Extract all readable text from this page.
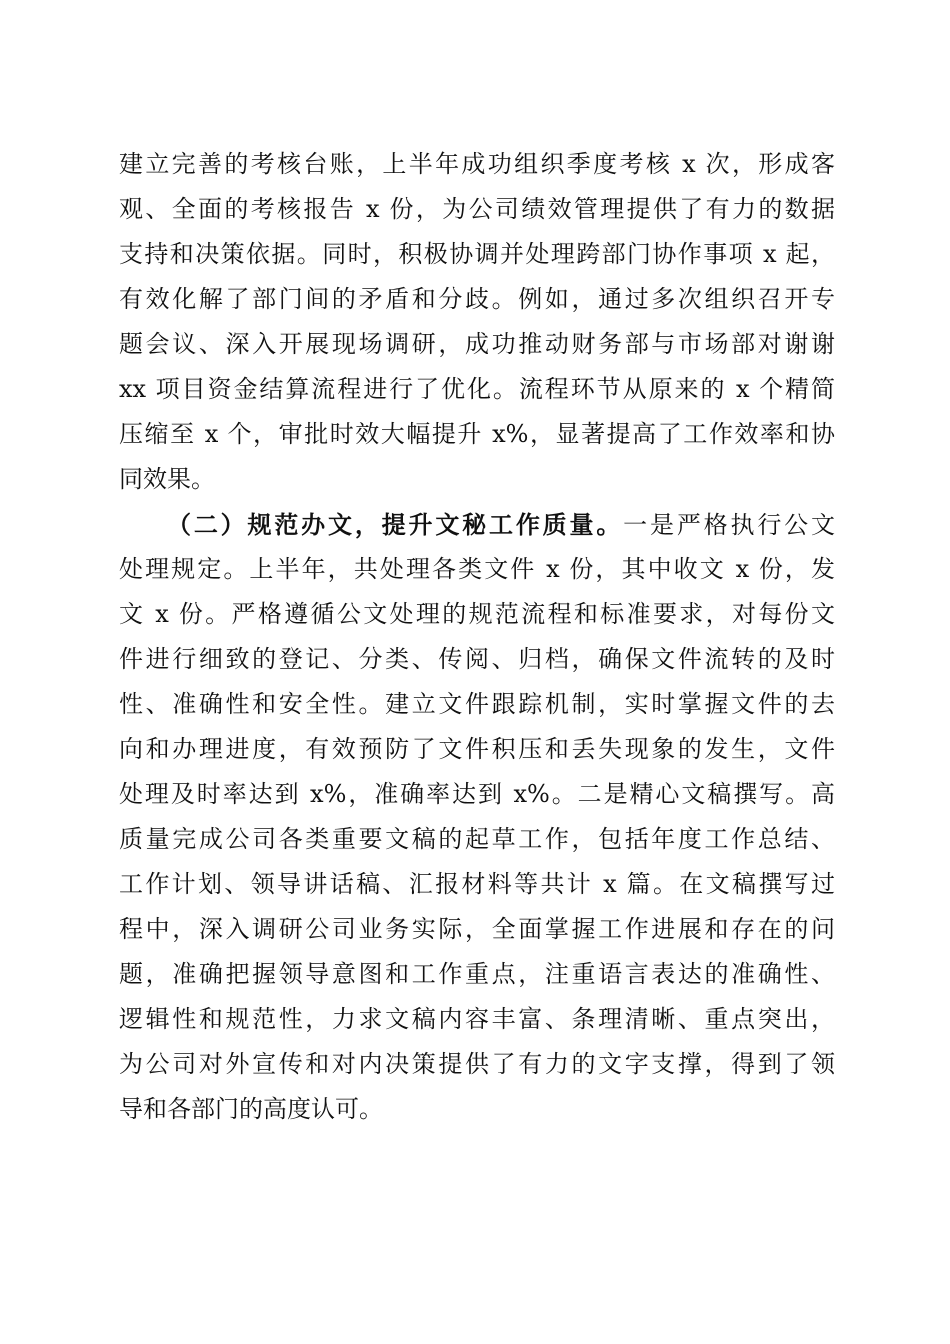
建立完善的考核台账，上半年成功组织季度考核 x 次，形成客
观、全面的考核报告 x 份，为公司绩效管理提供了有力的数据
支持和决策依据。同时，积极协调并处理跨部门协作事项 x 起，
有效化解了部门间的矛盾和分歧。例如，通过多次组织召开专
题会议、深入开展现场调研，成功推动财务部与市场部对谢谢
xx 项目资金结算流程进行了优化。流程环节从原来的 x 个精简
压缩至 x 个，审批时效大幅提升 x%，显著提高了工作效率和协
同效果。
（二）规范办文，提升文秘工作质量。一是严格执行公文
处理规定。上半年，共处理各类文件 x 份，其中收文 x 份，发
文 x 份。严格遵循公文处理的规范流程和标准要求，对每份文
件进行细致的登记、分类、传阅、归档，确保文件流转的及时
性、准确性和安全性。建立文件跟踪机制，实时掌握文件的去
向和办理进度，有效预防了文件积压和丢失现象的发生，文件
处理及时率达到 x%，准确率达到 x%。二是精心文稿撰写。高
质量完成公司各类重要文稿的起草工作，包括年度工作总结、
工作计划、领导讲话稿、汇报材料等共计 x 篇。在文稿撰写过
程中，深入调研公司业务实际，全面掌握工作进展和存在的问
题，准确把握领导意图和工作重点，注重语言表达的准确性、
逻辑性和规范性，力求文稿内容丰富、条理清晰、重点突出，
为公司对外宣传和对内决策提供了有力的文字支撑，得到了领
导和各部门的高度认可。
